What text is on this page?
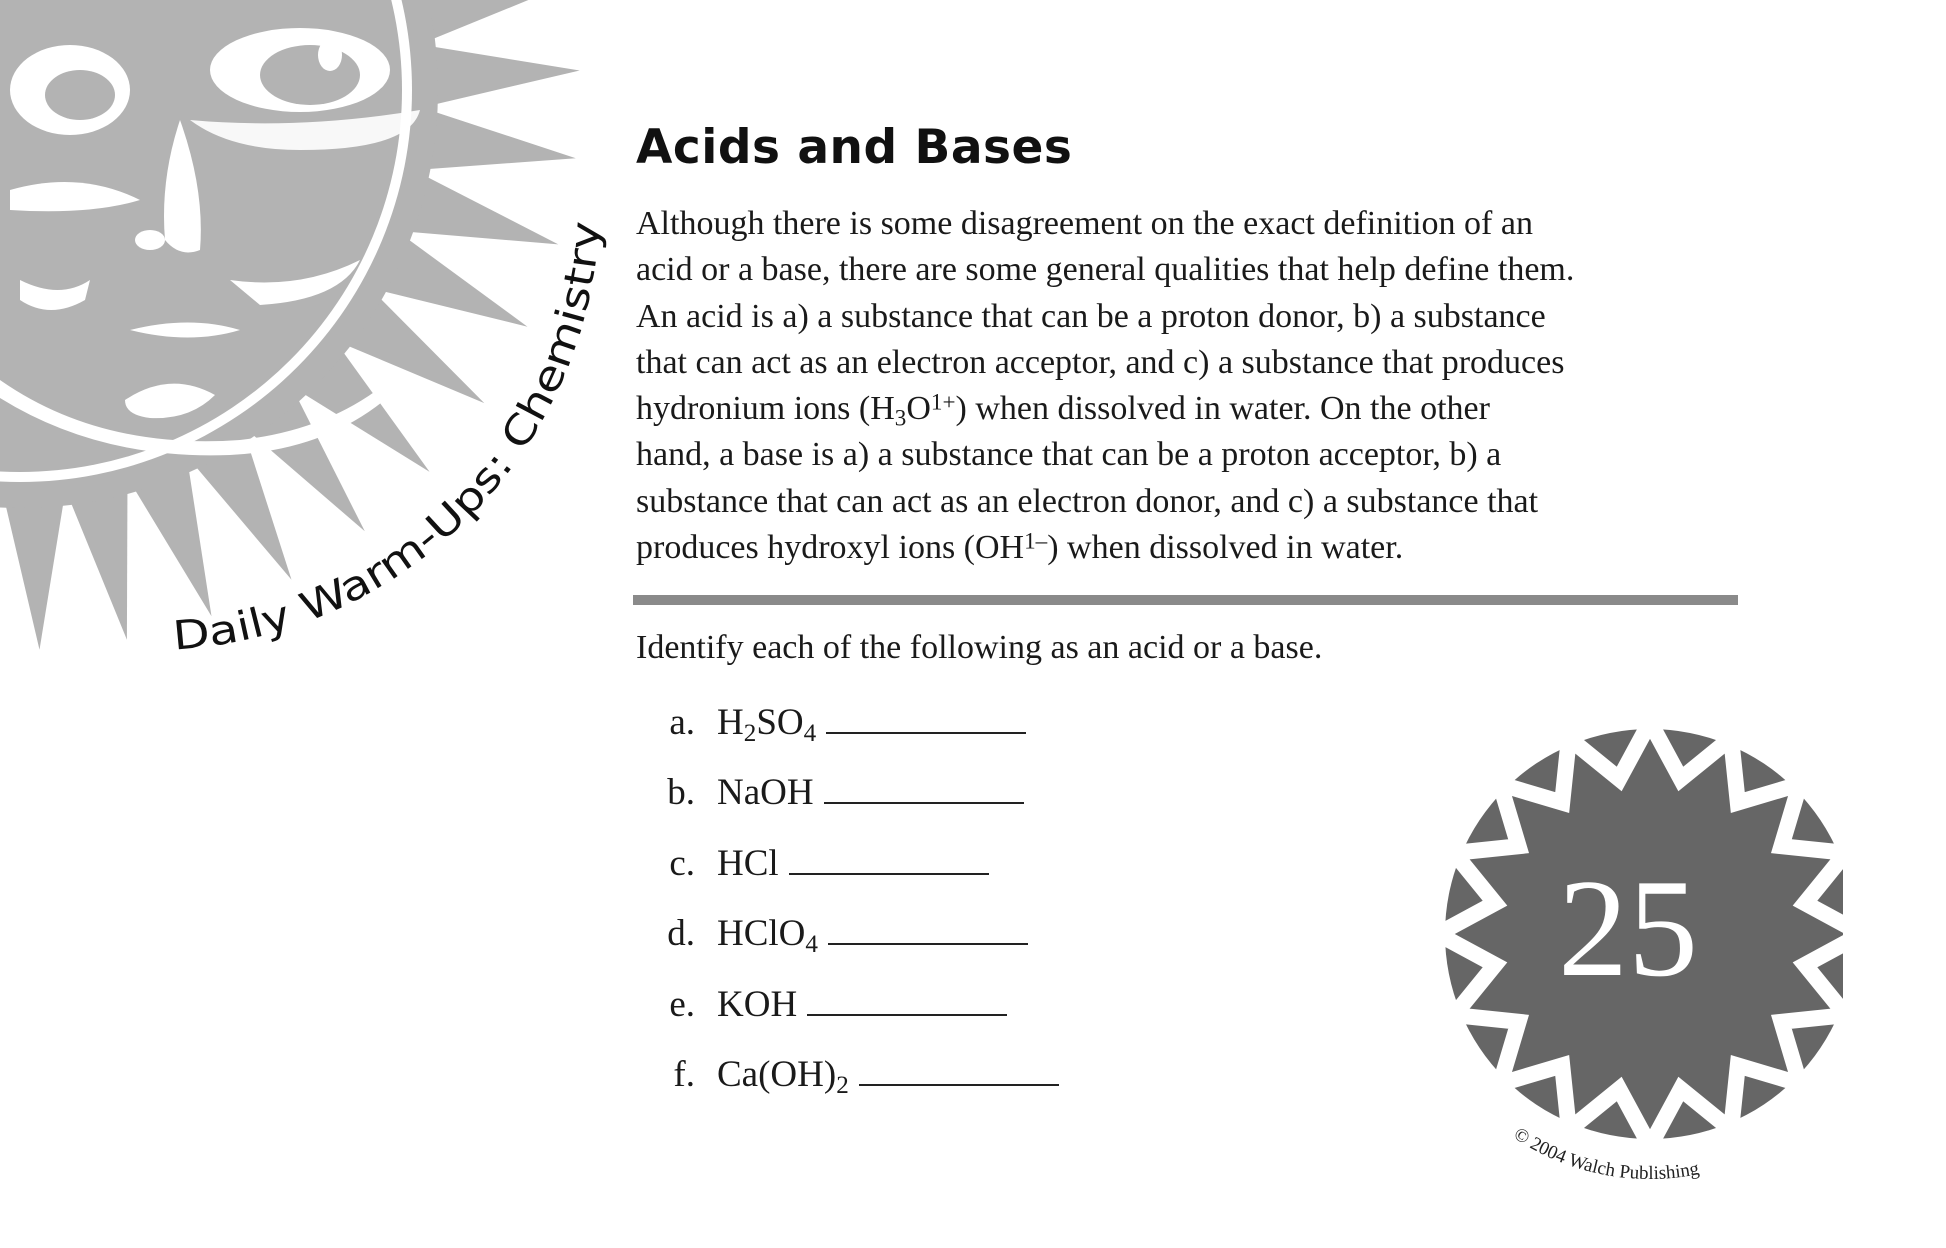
Daily Warm-Ups: Chemistry
25
© 2004 Walch Publishing
Acids and Bases
Although there is some disagreement on the exact definition of an
acid or a base, there are some general qualities that help define them.
An acid is a) a substance that can be a proton donor, b) a substance
that can act as an electron acceptor, and c) a substance that produces
hydronium ions $(H_3O^{1+})$ when dissolved in water. On the other
hand, a base is a) a substance that can be a proton acceptor, b) a
substance that can act as an electron donor, and c) a substance that
produces hydroxyl ions $(OH^{1-})$ when dissolved in water.
Identify each of the following as an acid or a base.
a. $H_2SO_4$
b. NaOH
c. HCl
d. HClO$_4$
e. KOH
f. $Ca(OH)_2$
